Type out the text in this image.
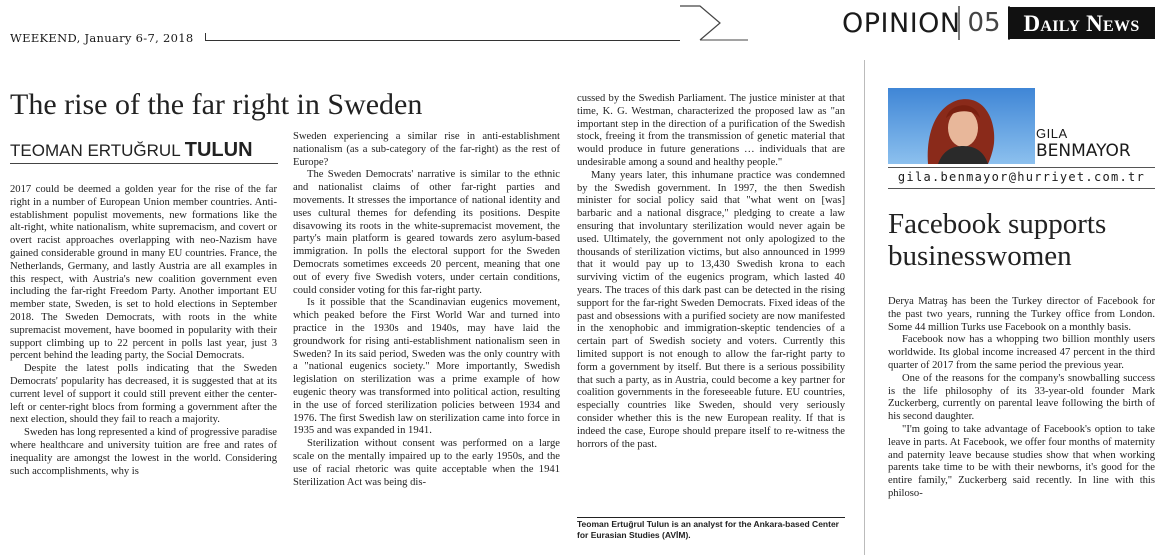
WEEKEND, January 6-7, 2018	OPINION 05 Daily News
The rise of the far right in Sweden
TEOMAN ERTUĞRUL TULUN

2017 could be deemed a golden year for the rise of the far right in a number of European Union member countries. Anti-establishment populist movements, new formations like the alt-right, white nationalism, white supremacism, and covert or overt racist approaches overlapping with neo-Nazism have gained considerable ground in many EU countries. France, the Netherlands, Germany, and lastly Austria are all examples in this respect, with Austria's new coalition government even including the far-right Freedom Party. Another important EU member state, Sweden, is set to hold elections in September 2018. The Sweden Democrats, with roots in the white supremacist movement, have boomed in popularity with their support climbing up to 22 percent in polls last year, just 3 percent behind the leading party, the Social Democrats.

Despite the latest polls indicating that the Sweden Democrats' popularity has decreased, it is suggested that at its current level of support it could still prevent either the center-left or center-right blocs from forming a government after the next election, should they fail to reach a majority.

Sweden has long represented a kind of progressive paradise where healthcare and university tuition are free and rates of inequality are amongst the lowest in the world. Considering such accomplishments, why is

Sweden experiencing a similar rise in anti-establishment nationalism (as a sub-category of the far-right) as the rest of Europe?

The Sweden Democrats' narrative is similar to the ethnic and nationalist claims of other far-right parties and movements. It stresses the importance of national identity and uses cultural themes for defending its positions. Despite disavowing its roots in the white-supremacist movement, the party's main platform is geared towards zero asylum-based immigration. In polls the electoral support for the Sweden Democrats sometimes exceeds 20 percent, meaning that one out of every five Swedish voters, under certain conditions, could consider voting for this far-right party.

Is it possible that the Scandinavian eugenics movement, which peaked before the First World War and turned into practice in the 1930s and 1940s, may have laid the groundwork for rising anti-establishment nationalism seen in Sweden? In its said period, Sweden was the only country with a "national eugenics society." More importantly, Swedish legislation on sterilization was a prime example of how eugenic theory was transformed into political action, resulting in the use of forced sterilization policies between 1934 and 1976. The first Swedish law on sterilization came into force in 1935 and was expanded in 1941.

Sterilization without consent was performed on a large scale on the mentally impaired up to the early 1950s, and the use of racial rhetoric was quite acceptable when the 1941 Sterilization Act was being dis-

cussed by the Swedish Parliament. The justice minister at that time, K. G. Westman, characterized the proposed law as "an important step in the direction of a purification of the Swedish stock, freeing it from the transmission of genetic material that would produce in future generations … individuals that are undesirable among a sound and healthy people."

Many years later, this inhumane practice was condemned by the Swedish government. In 1997, the then Swedish minister for social policy said that "what went on [was] barbaric and a national disgrace," pledging to create a law ensuring that involuntary sterilization would never again be used. Ultimately, the government not only apologized to the thousands of sterilization victims, but also announced in 1999 that it would pay up to 13,430 Swedish krona to each surviving victim of the eugenics program, which lasted 40 years. The traces of this dark past can be detected in the rising support for the far-right Sweden Democrats. Fixed ideas of the past and obsessions with a purified society are now manifested in the xenophobic and immigration-skeptic tendencies of a certain part of Swedish society and voters. Currently this limited support is not enough to allow the far-right party to form a government by itself. But there is a serious possibility that such a party, as in Austria, could become a key partner for coalition governments in the foreseeable future. EU countries, especially countries like Sweden, should very seriously consider whether this is the new European reality. If that is indeed the case, Europe should prepare itself to re-witness the horrors of the past.

Teoman Ertuğrul Tulun is an analyst for the Ankara-based Center for Eurasian Studies (AVİM).
GILA
BENMAYOR
gila.benmayor@hurriyet.com.tr
Facebook supports businesswomen

Derya Matraş has been the Turkey director of Facebook for the past two years, running the Turkey office from London. Some 44 million Turks use Facebook on a monthly basis.

Facebook now has a whopping two billion monthly users worldwide. Its global income increased 47 percent in the third quarter of 2017 from the same period the previous year.

One of the reasons for the company's snowballing success is the life philosophy of its 33-year-old founder Mark Zuckerberg, currently on parental leave following the birth of his second daughter.

"I'm going to take advantage of Facebook's option to take leave in parts. At Facebook, we offer four months of maternity and paternity leave because studies show that when working parents take time to be with their newborns, it's good for the entire family," Zuckerberg said recently. In line with this philoso-
